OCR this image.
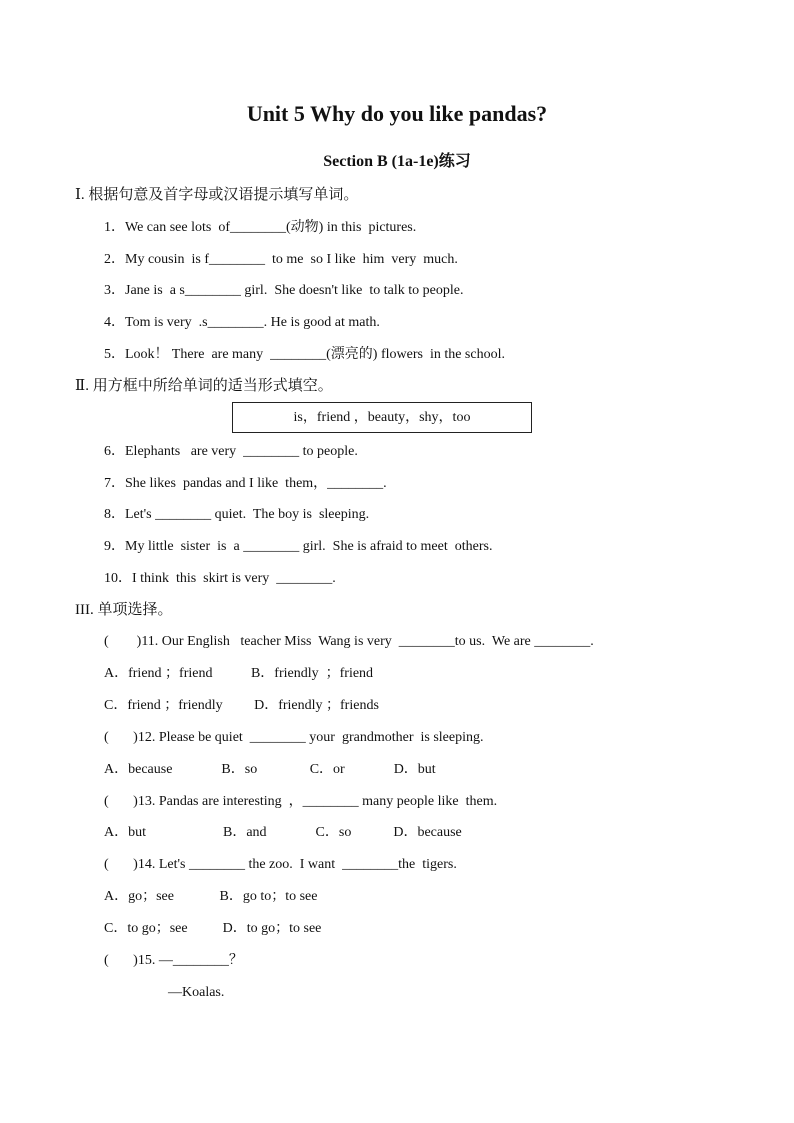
Unit 5 Why do you like pandas?
Section B (1a-1e)练习
Ⅰ. 根据句意及首字母或汉语提示填写单词。
1．We can see lots  of________(动物) in this  pictures.
2．My cousin  is f________  to me  so I like  him  very  much.
3．Jane is  a s________ girl.  She doesn't like  to talk to people.
4．Tom is very  .s________. He is good at math.
5．Look！ There  are many  ________(漂亮的) flowers  in the school.
Ⅱ. 用方框中所给单词的适当形式填空。
is，friend ，beauty，shy，too
6．Elephants   are very  ________ to people.
7．She likes  pandas and I like  them，________.
8．Let's ________ quiet.  The boy is  sleeping.
9．My little  sister  is  a ________ girl.  She is afraid to meet  others.
10．I think  this  skirt is very  ________.
III. 单项选择。
(        )11. Our English   teacher Miss  Wang is very  ________to us.  We are ________.
A．friend ；friend           B．friendly  ；friend
C．friend ；friendly         D．friendly ；friends
(       )12. Please be quiet  ________ your  grandmother  is sleeping.
A．because              B．so               C．or              D．but
(       )13. Pandas are interesting  ，________ many people like  them.
A．but                      B．and              C．so            D．because
(       )14. Let's ________ the zoo.  I want  ________the  tigers.
A．go；see             B．go to；to see
C．to go；see          D．to go；to see
(       )15. —________？
—Koalas.
